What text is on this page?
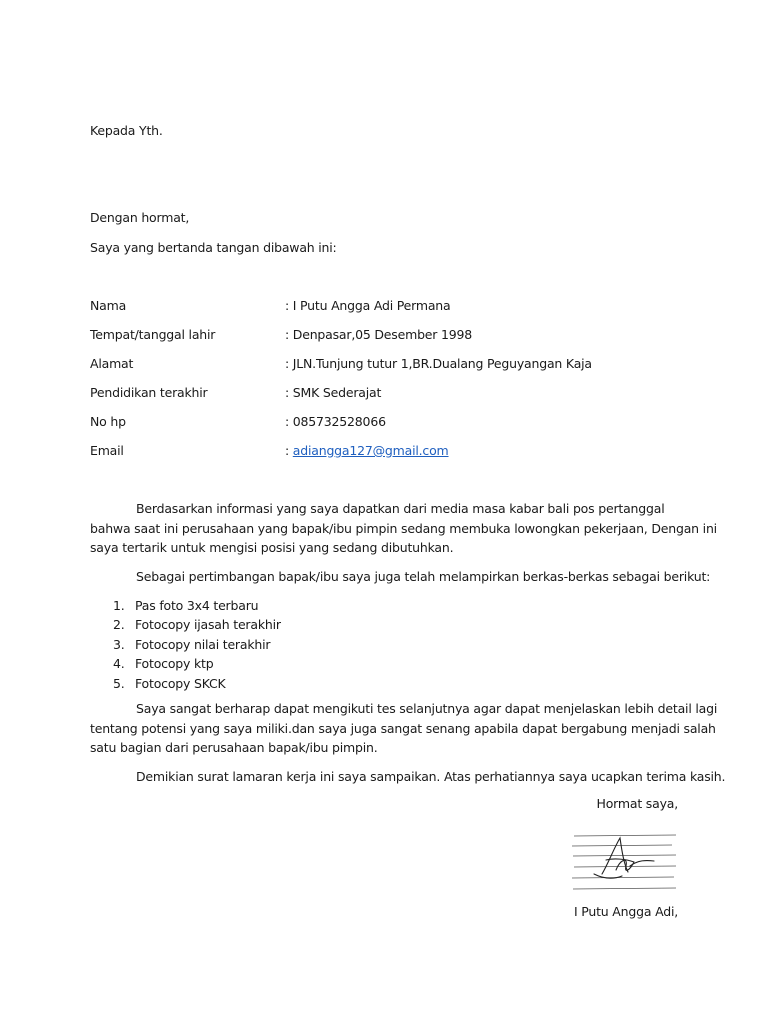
Kepada Yth.
Dengan hormat,
Saya yang bertanda tangan dibawah ini:
Nama	: I Putu Angga Adi Permana
Tempat/tanggal lahir	: Denpasar,05 Desember 1998
Alamat	: JLN.Tunjung tutur 1,BR.Dualang Peguyangan Kaja
Pendidikan terakhir	: SMK Sederajat
No hp	: 085732528066
Email	: adiangga127@gmail.com
Berdasarkan informasi yang saya dapatkan dari media masa kabar bali pos pertanggal
bahwa saat ini perusahaan yang bapak/ibu pimpin sedang membuka lowongkan pekerjaan, Dengan ini
saya tertarik untuk mengisi posisi yang sedang dibutuhkan.
Sebagai pertimbangan bapak/ibu saya juga telah melampirkan berkas-berkas sebagai berikut:
1. Pas foto 3x4 terbaru
2. Fotocopy ijasah terakhir
3. Fotocopy nilai terakhir
4. Fotocopy ktp
5. Fotocopy SKCK
Saya sangat berharap dapat mengikuti tes selanjutnya agar dapat menjelaskan lebih detail lagi
tentang potensi yang saya miliki.dan saya juga sangat senang apabila dapat bergabung menjadi salah
satu bagian dari perusahaan bapak/ibu pimpin.
Demikian surat lamaran kerja ini saya sampaikan. Atas perhatiannya saya ucapkan terima kasih.
Hormat saya,
I Putu Angga Adi,
